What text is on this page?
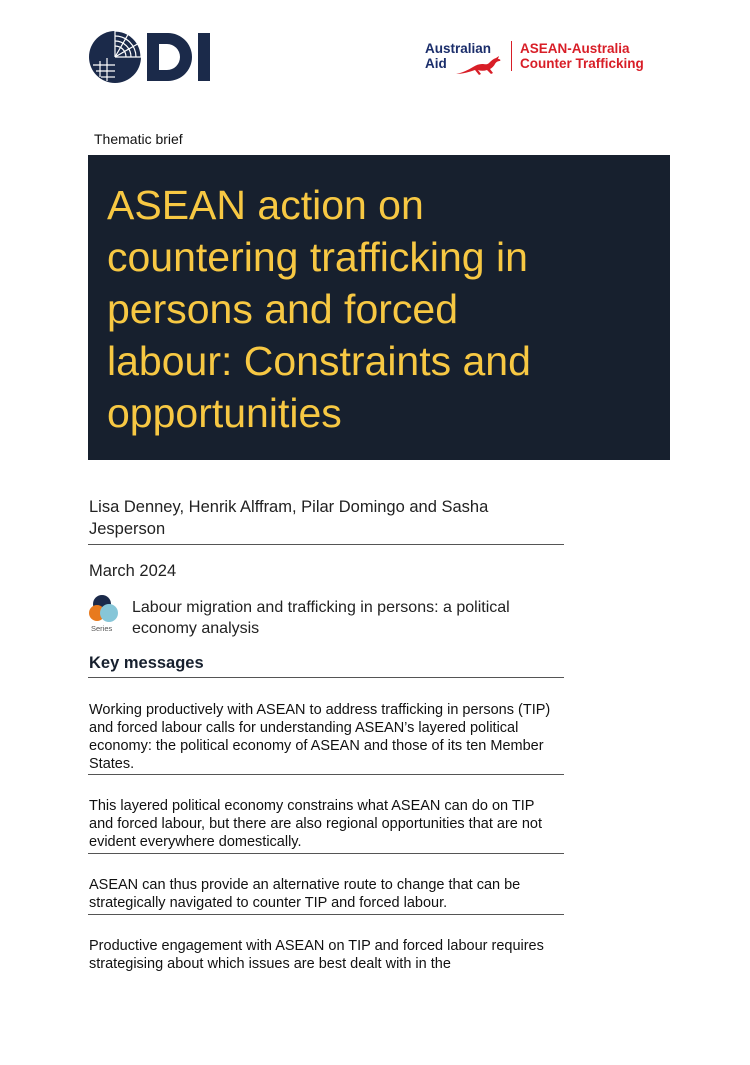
Australian
Aid
ASEAN-Australia
Counter Trafficking
Thematic brief
ASEAN action on
countering trafficking in
persons and forced
labour: Constraints and
opportunities
Lisa Denney, Henrik Alffram, Pilar Domingo and Sasha Jesperson
March 2024
Series
Labour migration and trafficking in persons: a political economy analysis
Key messages
Working productively with ASEAN to address trafficking in persons (TIP) and forced labour calls for understanding ASEAN’s layered political economy: the political economy of ASEAN and those of its ten Member States.
This layered political economy constrains what ASEAN can do on TIP and forced labour, but there are also regional opportunities that are not evident everywhere domestically.
ASEAN can thus provide an alternative route to change that can be strategically navigated to counter TIP and forced labour.
Productive engagement with ASEAN on TIP and forced labour requires strategising about which issues are best dealt with in the
